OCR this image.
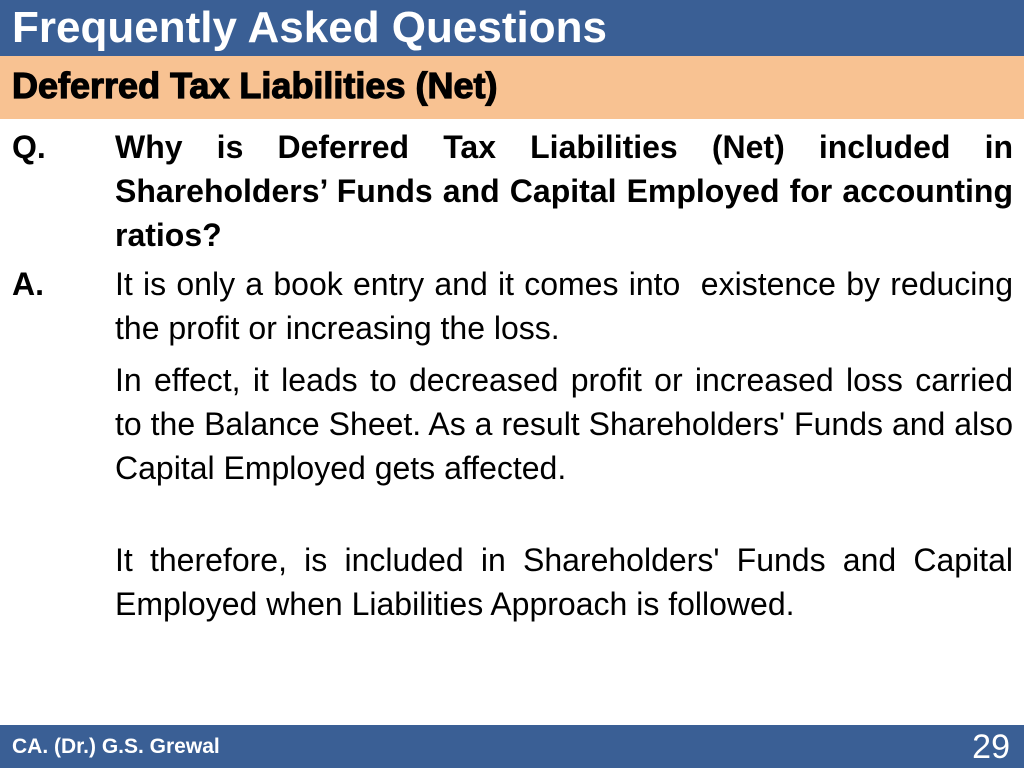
Frequently Asked Questions
Deferred Tax Liabilities (Net)
Q. Why is Deferred Tax Liabilities (Net) included in Shareholders’ Funds and Capital Employed for accounting ratios?
A. It is only a book entry and it comes into  existence by reducing the profit or increasing the loss.
In effect, it leads to decreased profit or increased loss carried to the Balance Sheet. As a result Shareholders' Funds and also Capital Employed gets affected.
It therefore, is included in Shareholders' Funds and Capital Employed when Liabilities Approach is followed.
CA. (Dr.) G.S. Grewal	29
